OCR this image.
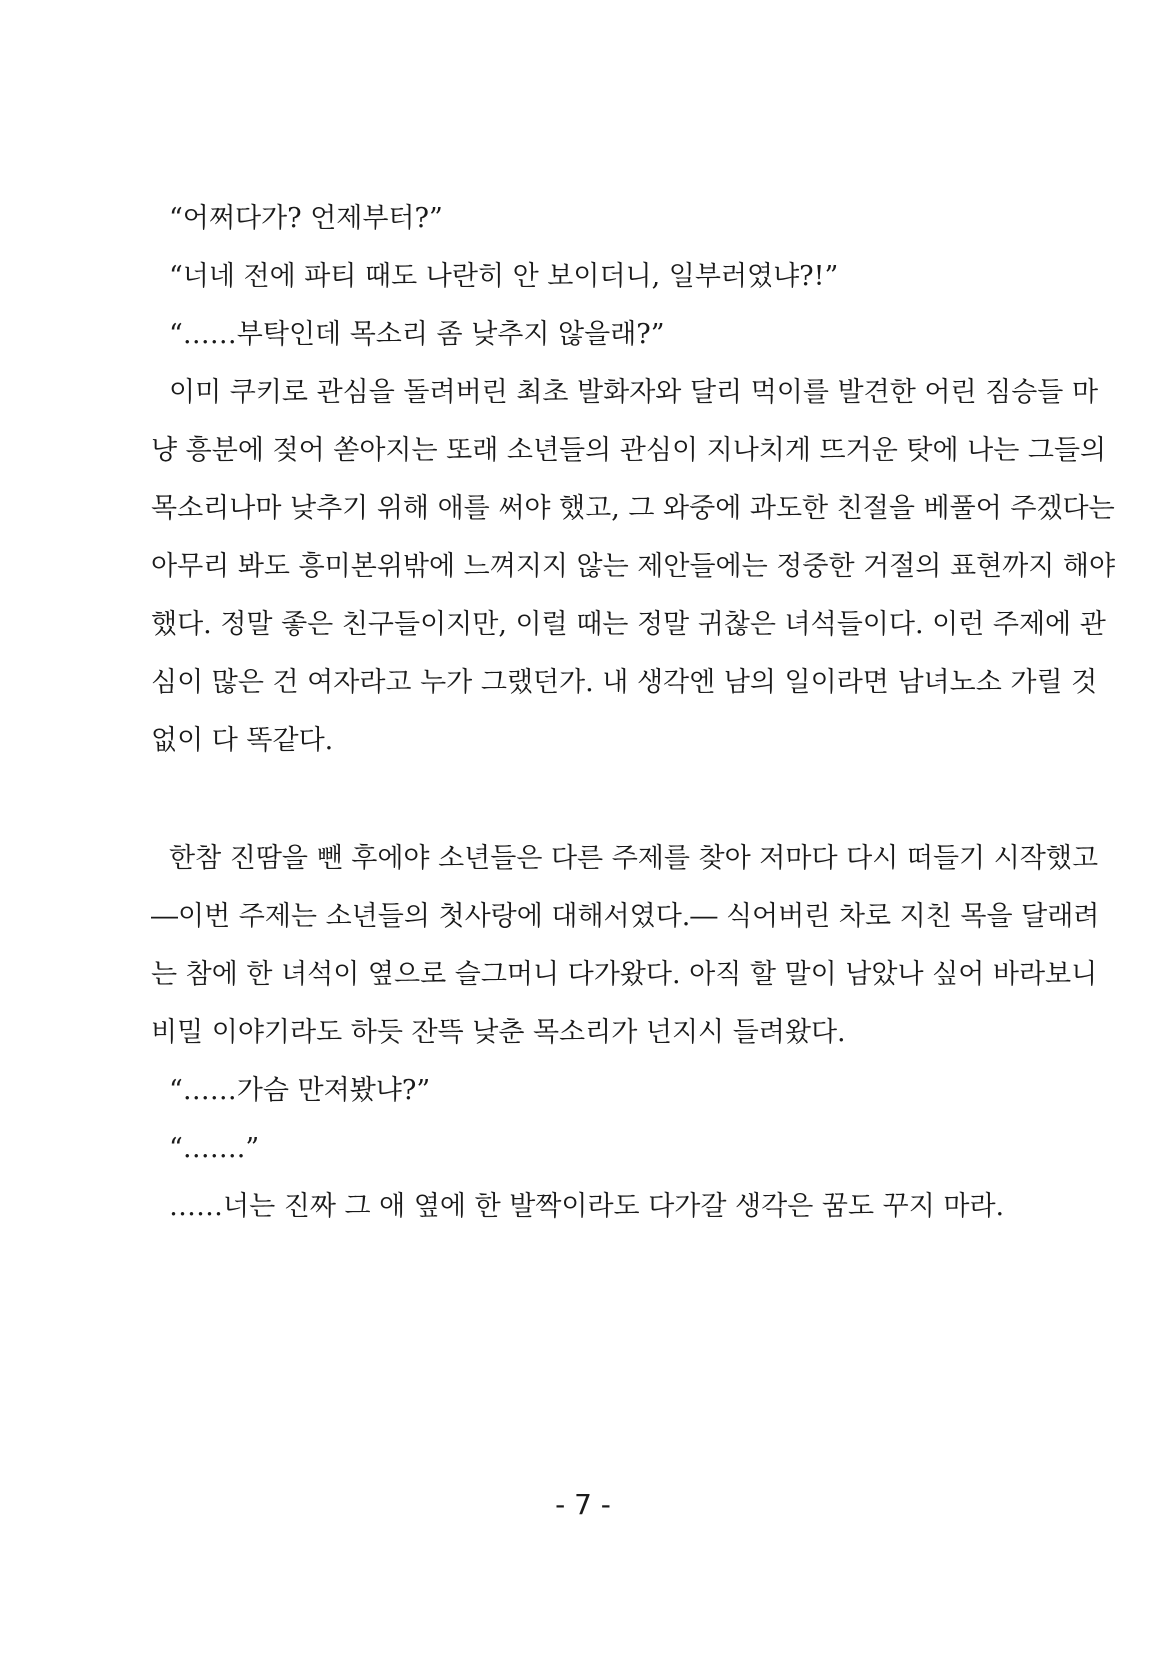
“어쩌다가? 언제부터?”
“너네 전에 파티 때도 나란히 안 보이더니, 일부러였냐?!”
“……부탁인데 목소리 좀 낮추지 않을래?”
이미 쿠키로 관심을 돌려버린 최초 발화자와 달리 먹이를 발견한 어린 짐승들 마
냥 흥분에 젖어 쏟아지는 또래 소년들의 관심이 지나치게 뜨거운 탓에 나는 그들의
목소리나마 낮추기 위해 애를 써야 했고, 그 와중에 과도한 친절을 베풀어 주겠다는
아무리 봐도 흥미본위밖에 느껴지지 않는 제안들에는 정중한 거절의 표현까지 해야
했다. 정말 좋은 친구들이지만, 이럴 때는 정말 귀찮은 녀석들이다. 이런 주제에 관
심이 많은 건 여자라고 누가 그랬던가. 내 생각엔 남의 일이라면 남녀노소 가릴 것
없이 다 똑같다.
한참 진땀을 뺀 후에야 소년들은 다른 주제를 찾아 저마다 다시 떠들기 시작했고
―이번 주제는 소년들의 첫사랑에 대해서였다.― 식어버린 차로 지친 목을 달래려
는 참에 한 녀석이 옆으로 슬그머니 다가왔다. 아직 할 말이 남았나 싶어 바라보니
비밀 이야기라도 하듯 잔뜩 낮춘 목소리가 넌지시 들려왔다.
“……가슴 만져봤냐?”
“…….”
……너는 진짜 그 애 옆에 한 발짝이라도 다가갈 생각은 꿈도 꾸지 마라.
- 7 -
